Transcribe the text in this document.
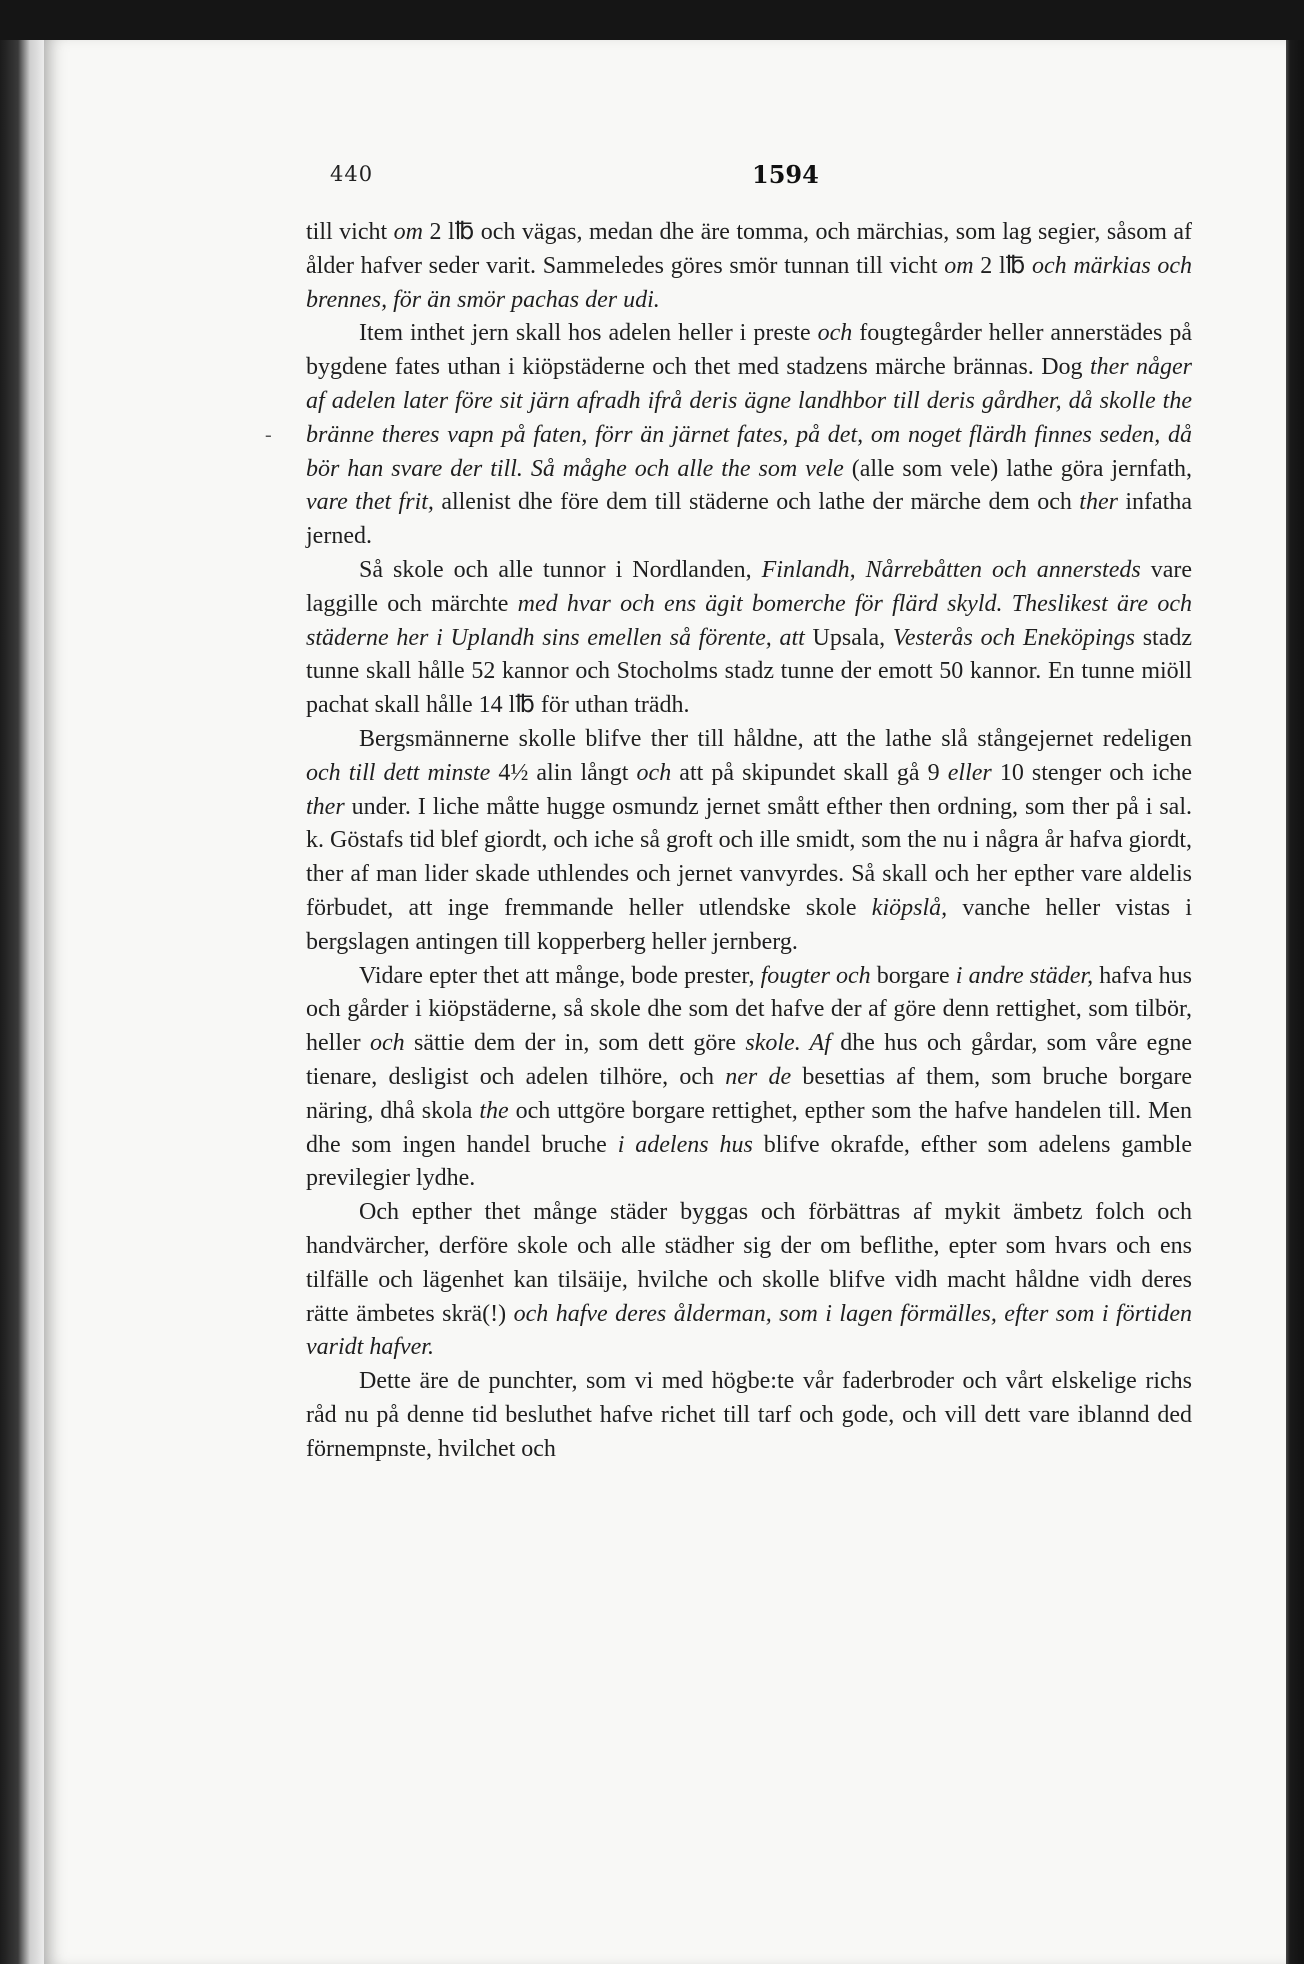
440	1594
-

till vicht om 2 l℔ och vägas, medan dhe äre tomma, och märchias, som lag segier, såsom af ålder hafver seder varit. Sammeledes göres smör tunnan till vicht om 2 l℔ och märkias och brennes, för än smör pachas der udi.

Item inthet jern skall hos adelen heller i preste och fougtegårder heller annerstädes på bygdene fates uthan i kiöpstäderne och thet med stadzens märche brännas. Dog ther någer af adelen later före sit järn afradh ifrå deris ägne landhbor till deris gårdher, då skolle the bränne theres vapn på faten, förr än järnet fates, på det, om noget flärdh finnes seden, då bör han svare der till. Så måghe och alle the som vele (alle som vele) lathe göra jernfath, vare thet frit, allenist dhe före dem till städerne och lathe der märche dem och ther infatha jerned.

Så skole och alle tunnor i Nordlanden, Finlandh, Nårrebåtten och annersteds vare laggille och märchte med hvar och ens ägit bomerche för flärd skyld. Theslikest äre och städerne her i Uplandh sins emellen så förente, att Upsala, Vesterås och Eneköpings stadz tunne skall hålle 52 kannor och Stocholms stadz tunne der emott 50 kannor. En tunne miöll pachat skall hålle 14 l℔ för uthan trädh.

Bergsmännerne skolle blifve ther till håldne, att the lathe slå stångejernet redeligen och till dett minste 4½ alin långt och att på skipundet skall gå 9 eller 10 stenger och iche ther under. I liche måtte hugge osmundz jernet smått efther then ordning, som ther på i sal. k. Göstafs tid blef giordt, och iche så groft och ille smidt, som the nu i några år hafva giordt, ther af man lider skade uthlendes och jernet vanvyrdes. Så skall och her epther vare aldelis förbudet, att inge fremmande heller utlendske skole kiöpslå, vanche heller vistas i bergslagen antingen till kopperberg heller jernberg.

Vidare epter thet att månge, bode prester, fougter och borgare i andre städer, hafva hus och gårder i kiöpstäderne, så skole dhe som det hafve der af göre denn rettighet, som tilbör, heller och sättie dem der in, som dett göre skole. Af dhe hus och gårdar, som våre egne tienare, desligist och adelen tilhöre, och ner de besettias af them, som bruche borgare näring, dhå skola the och uttgöre borgare rettighet, epther som the hafve handelen till. Men dhe som ingen handel bruche i adelens hus blifve okrafde, efther som adelens gamble previlegier lydhe.

Och epther thet månge städer byggas och förbättras af mykit ämbetz folch och handvärcher, derföre skole och alle städher sig der om beflithe, epter som hvars och ens tilfälle och lägenhet kan tilsäije, hvilche och skolle blifve vidh macht håldne vidh deres rätte ämbetes skrä(!) och hafve deres ålderman, som i lagen förmälles, efter som i förtiden varidt hafver.

Dette äre de punchter, som vi med högbe:te vår faderbroder och vårt elskelige richs råd nu på denne tid besluthet hafve richet till tarf och gode, och vill dett vare iblannd ded förnempnste, hvilchet och
